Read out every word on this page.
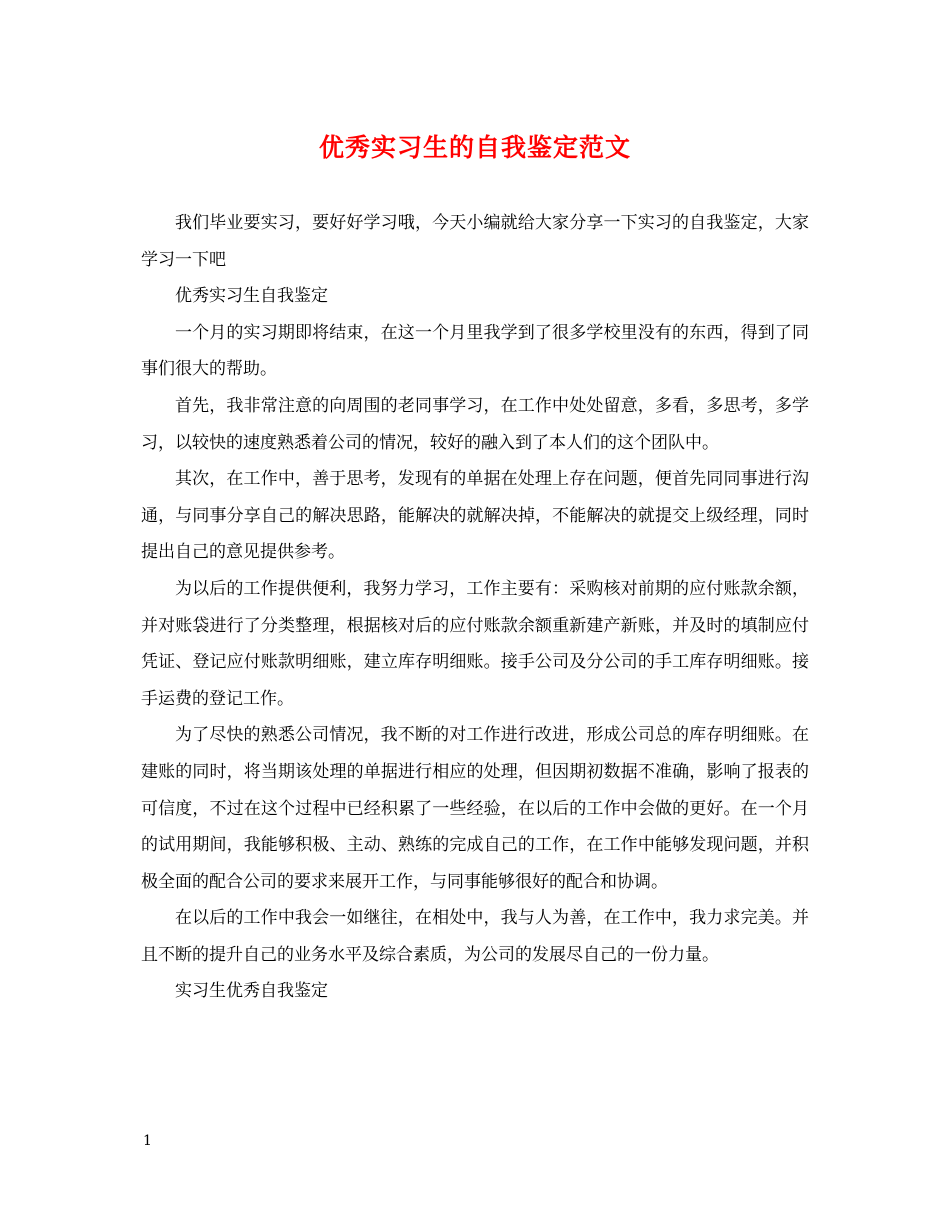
优秀实习生的自我鉴定范文

我们毕业要实习，要好好学习哦，今天小编就给大家分享一下实习的自我鉴定，大家学习一下吧

优秀实习生自我鉴定

一个月的实习期即将结束，在这一个月里我学到了很多学校里没有的东西，得到了同事们很大的帮助。

首先，我非常注意的向周围的老同事学习，在工作中处处留意，多看，多思考，多学习，以较快的速度熟悉着公司的情况，较好的融入到了本人们的这个团队中。

其次，在工作中，善于思考，发现有的单据在处理上存在问题，便首先同同事进行沟通，与同事分享自己的解决思路，能解决的就解决掉，不能解决的就提交上级经理，同时提出自己的意见提供参考。

为以后的工作提供便利，我努力学习，工作主要有：采购核对前期的应付账款余额，并对账袋进行了分类整理，根据核对后的应付账款余额重新建产新账，并及时的填制应付凭证、登记应付账款明细账，建立库存明细账。接手公司及分公司的手工库存明细账。接手运费的登记工作。

为了尽快的熟悉公司情况，我不断的对工作进行改进，形成公司总的库存明细账。在建账的同时，将当期该处理的单据进行相应的处理，但因期初数据不准确，影响了报表的可信度，不过在这个过程中已经积累了一些经验，在以后的工作中会做的更好。在一个月的试用期间，我能够积极、主动、熟练的完成自己的工作，在工作中能够发现问题，并积极全面的配合公司的要求来展开工作，与同事能够很好的配合和协调。

在以后的工作中我会一如继往，在相处中，我与人为善，在工作中，我力求完美。并且不断的提升自己的业务水平及综合素质，为公司的发展尽自己的一份力量。

实习生优秀自我鉴定

1
